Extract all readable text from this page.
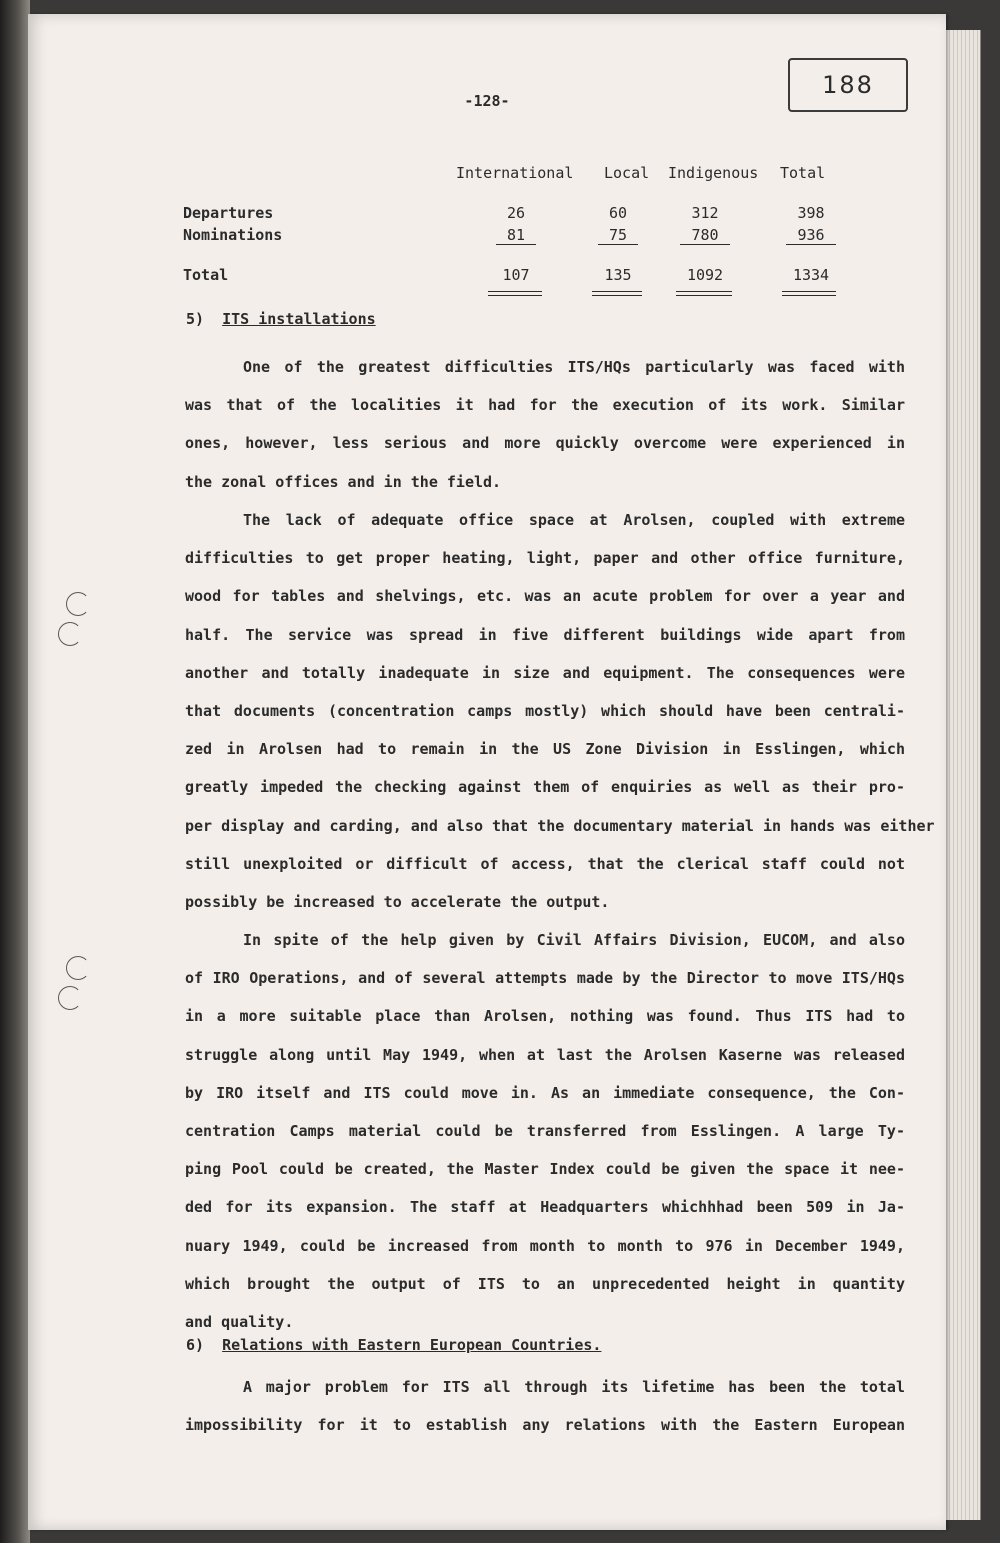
-128-
188
International Local Indigenous Total
Departures	26	60	312	398
Nominations	81	75	780	936
Total	107	135	1092	1334
5) ITS installations
One of the greatest difficulties ITS/HQs particularly was faced with
was that of the localities it had for the execution of its work. Similar
ones, however, less serious and more quickly overcome were experienced in
the zonal offices and in the field.
The lack of adequate office space at Arolsen, coupled with extreme
difficulties to get proper heating, light, paper and other office furniture,
wood for tables and shelvings, etc. was an acute problem for over a year and
half. The service was spread in five different buildings wide apart from
another and totally inadequate in size and equipment. The consequences were
that documents (concentration camps mostly) which should have been centrali-
zed in Arolsen had to remain in the US Zone Division in Esslingen, which
greatly impeded the checking against them of enquiries as well as their pro-
per display and carding, and also that the documentary material in hands was either
still unexploited or difficult of access, that the clerical staff could not
possibly be increased to accelerate the output.
In spite of the help given by Civil Affairs Division, EUCOM, and also
of IRO Operations, and of several attempts made by the Director to move ITS/HQs
in a more suitable place than Arolsen, nothing was found. Thus ITS had to
struggle along until May 1949, when at last the Arolsen Kaserne was released
by IRO itself and ITS could move in. As an immediate consequence, the Con-
centration Camps material could be transferred from Esslingen. A large Ty-
ping Pool could be created, the Master Index could be given the space it nee-
ded for its expansion. The staff at Headquarters whichhhad been 509 in Ja-
nuary 1949, could be increased from month to month to 976 in December 1949,
which brought the output of ITS to an unprecedented height in quantity
and quality.
6) Relations with Eastern European Countries.
A major problem for ITS all through its lifetime has been the total
impossibility for it to establish any relations with the Eastern European
